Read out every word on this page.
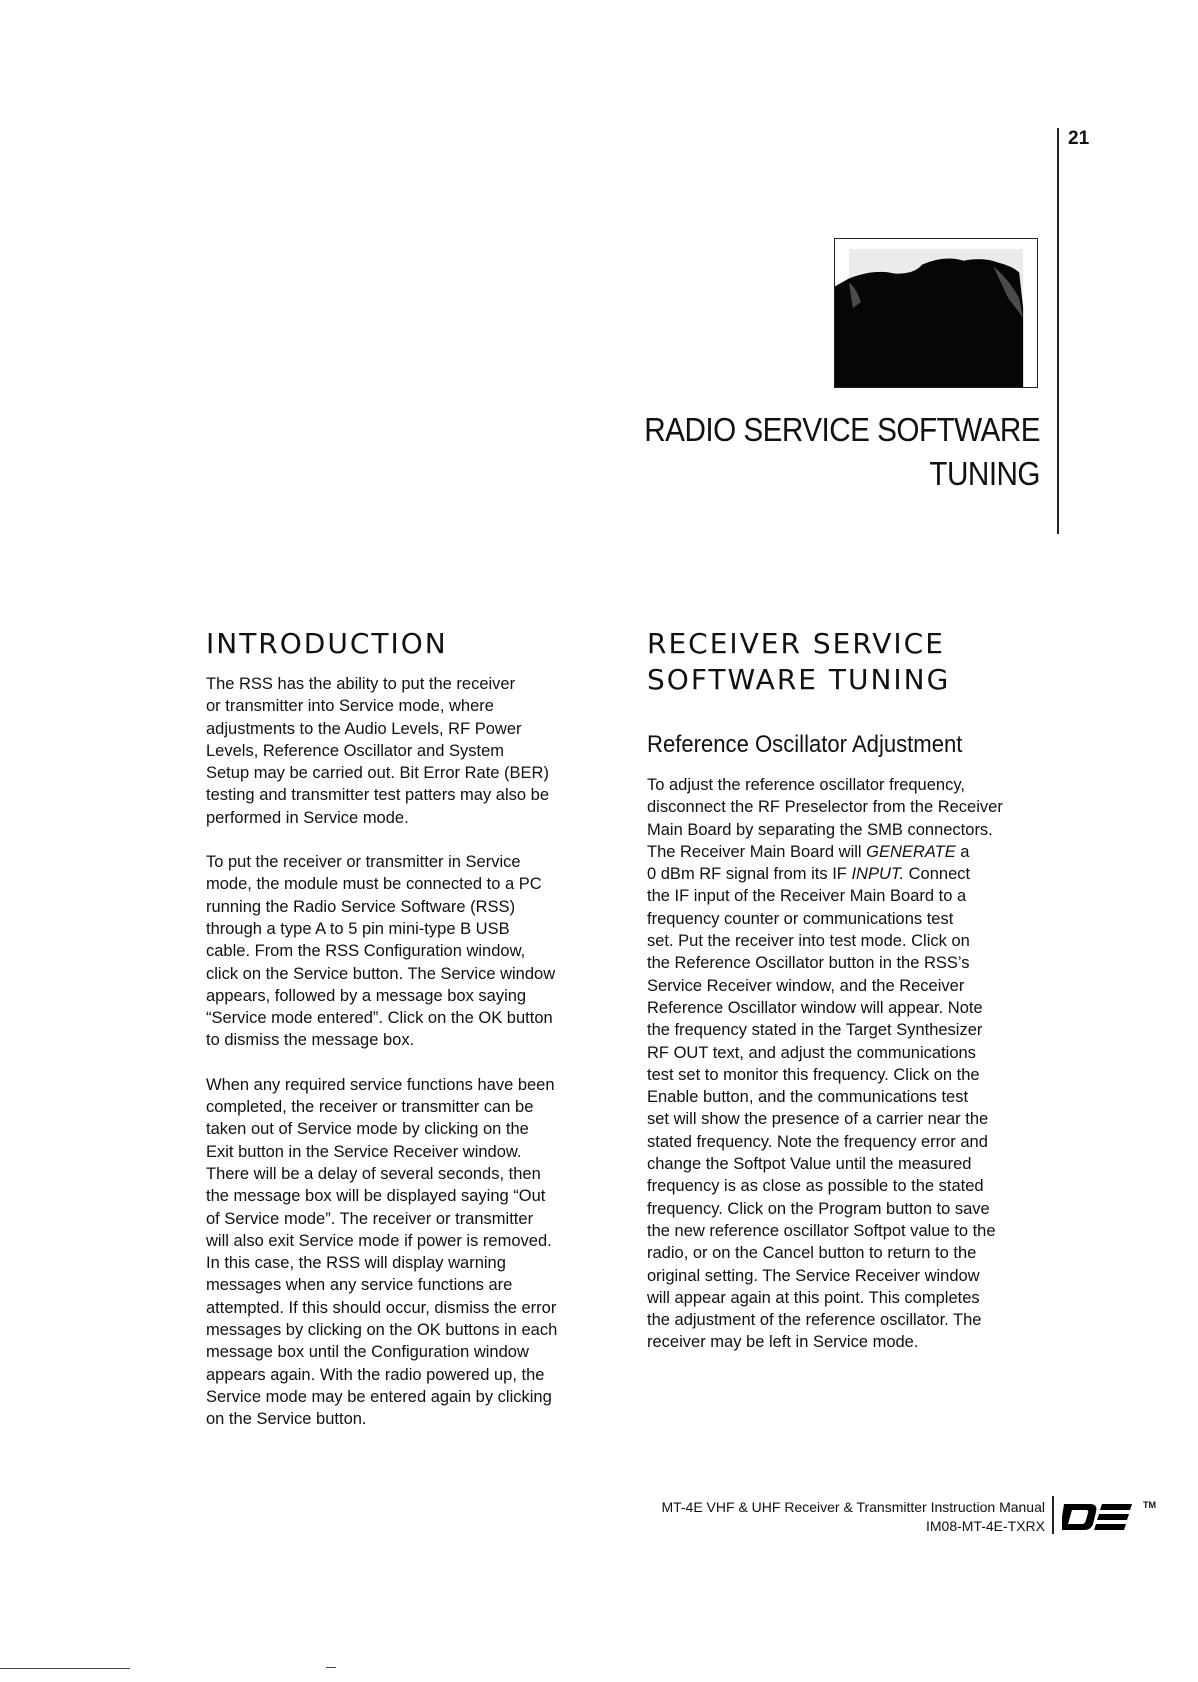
21
RADIO SERVICE SOFTWARE
TUNING
INTRODUCTION

The RSS has the ability to put the receiver
or transmitter into Service mode, where
adjustments to the Audio Levels, RF Power
Levels, Reference Oscillator and System
Setup may be carried out. Bit Error Rate (BER)
testing and transmitter test patters may also be
performed in Service mode.

To put the receiver or transmitter in Service
mode, the module must be connected to a PC
running the Radio Service Software (RSS)
through a type A to 5 pin mini-type B USB
cable. From the RSS Configuration window,
click on the Service button. The Service window
appears, followed by a message box saying
“Service mode entered”. Click on the OK button
to dismiss the message box.

When any required service functions have been
completed, the receiver or transmitter can be
taken out of Service mode by clicking on the
Exit button in the Service Receiver window.
There will be a delay of several seconds, then
the message box will be displayed saying “Out
of Service mode”. The receiver or transmitter
will also exit Service mode if power is removed.
In this case, the RSS will display warning
messages when any service functions are
attempted. If this should occur, dismiss the error
messages by clicking on the OK buttons in each
message box until the Configuration window
appears again. With the radio powered up, the
Service mode may be entered again by clicking
on the Service button.

RECEIVER SERVICE
SOFTWARE TUNING
Reference Oscillator Adjustment

To adjust the reference oscillator frequency,
disconnect the RF Preselector from the Receiver
Main Board by separating the SMB connectors.
The Receiver Main Board will GENERATE a
0 dBm RF signal from its IF INPUT. Connect
the IF input of the Receiver Main Board to a
frequency counter or communications test
set. Put the receiver into test mode. Click on
the Reference Oscillator button in the RSS’s
Service Receiver window, and the Receiver
Reference Oscillator window will appear. Note
the frequency stated in the Target Synthesizer
RF OUT text, and adjust the communications
test set to monitor this frequency. Click on the
Enable button, and the communications test
set will show the presence of a carrier near the
stated frequency. Note the frequency error and
change the Softpot Value until the measured
frequency is as close as possible to the stated
frequency. Click on the Program button to save
the new reference oscillator Softpot value to the
radio, or on the Cancel button to return to the
original setting. The Service Receiver window
will appear again at this point. This completes
the adjustment of the reference oscillator. The
receiver may be left in Service mode.

MT-4E VHF & UHF Receiver & Transmitter Instruction Manual
IM08-MT-4E-TXRX
TM
